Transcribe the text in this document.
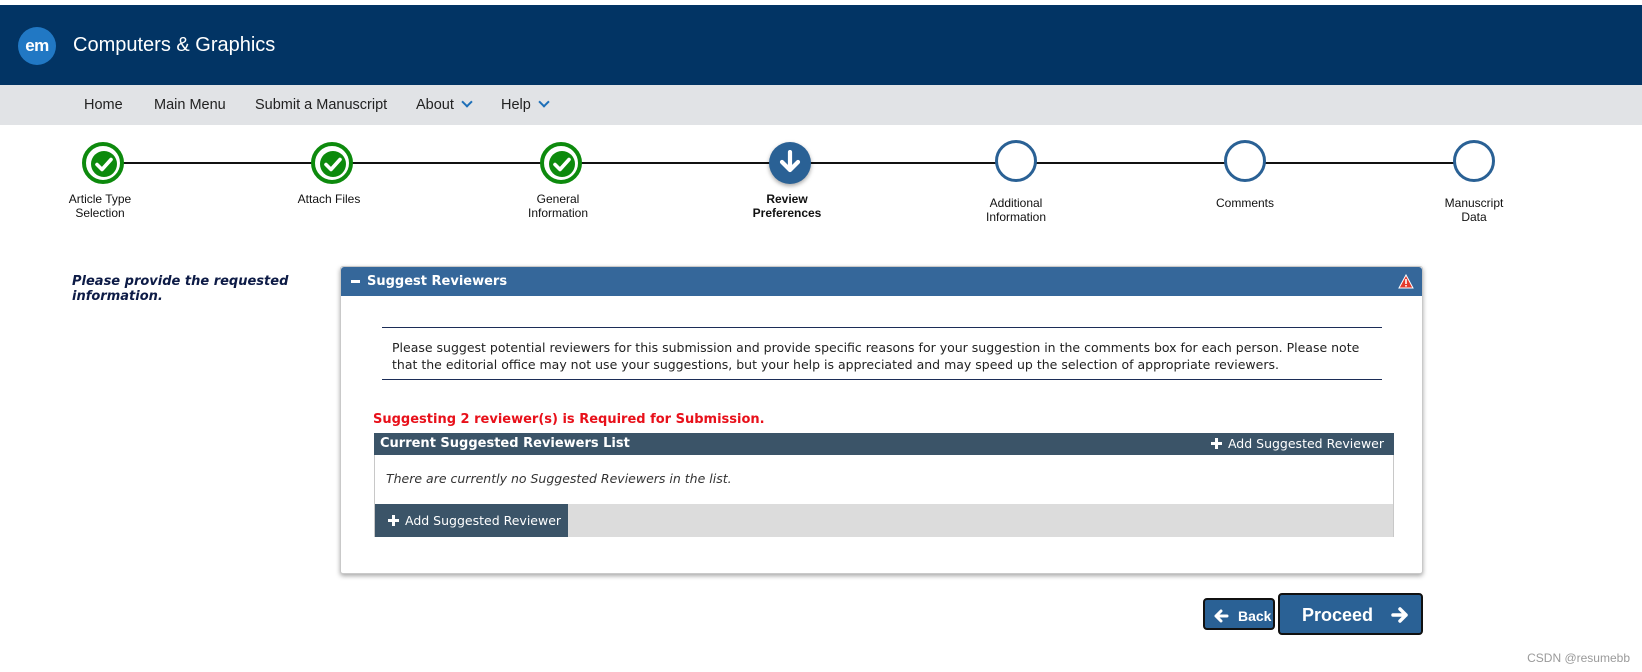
em	Computers & Graphics
Home Main Menu Submit a Manuscript About	Help
Article Type
Selection
Attach Files	General
Information
Review
Preferences
Additional
Information
Comments	Manuscript
Data
Please provide the requested information.
Suggest Reviewers
Please suggest potential reviewers for this submission and provide specific reasons for your suggestion in the comments box for each person. Please note that the editorial office may not use your suggestions, but your help is appreciated and may speed up the selection of appropriate reviewers.
Suggesting 2 reviewer(s) is Required for Submission.
Current Suggested Reviewers List	Add Suggested Reviewer
There are currently no Suggested Reviewers in the list.
Add Suggested Reviewer
Back Proceed
CSDN @resumebb
